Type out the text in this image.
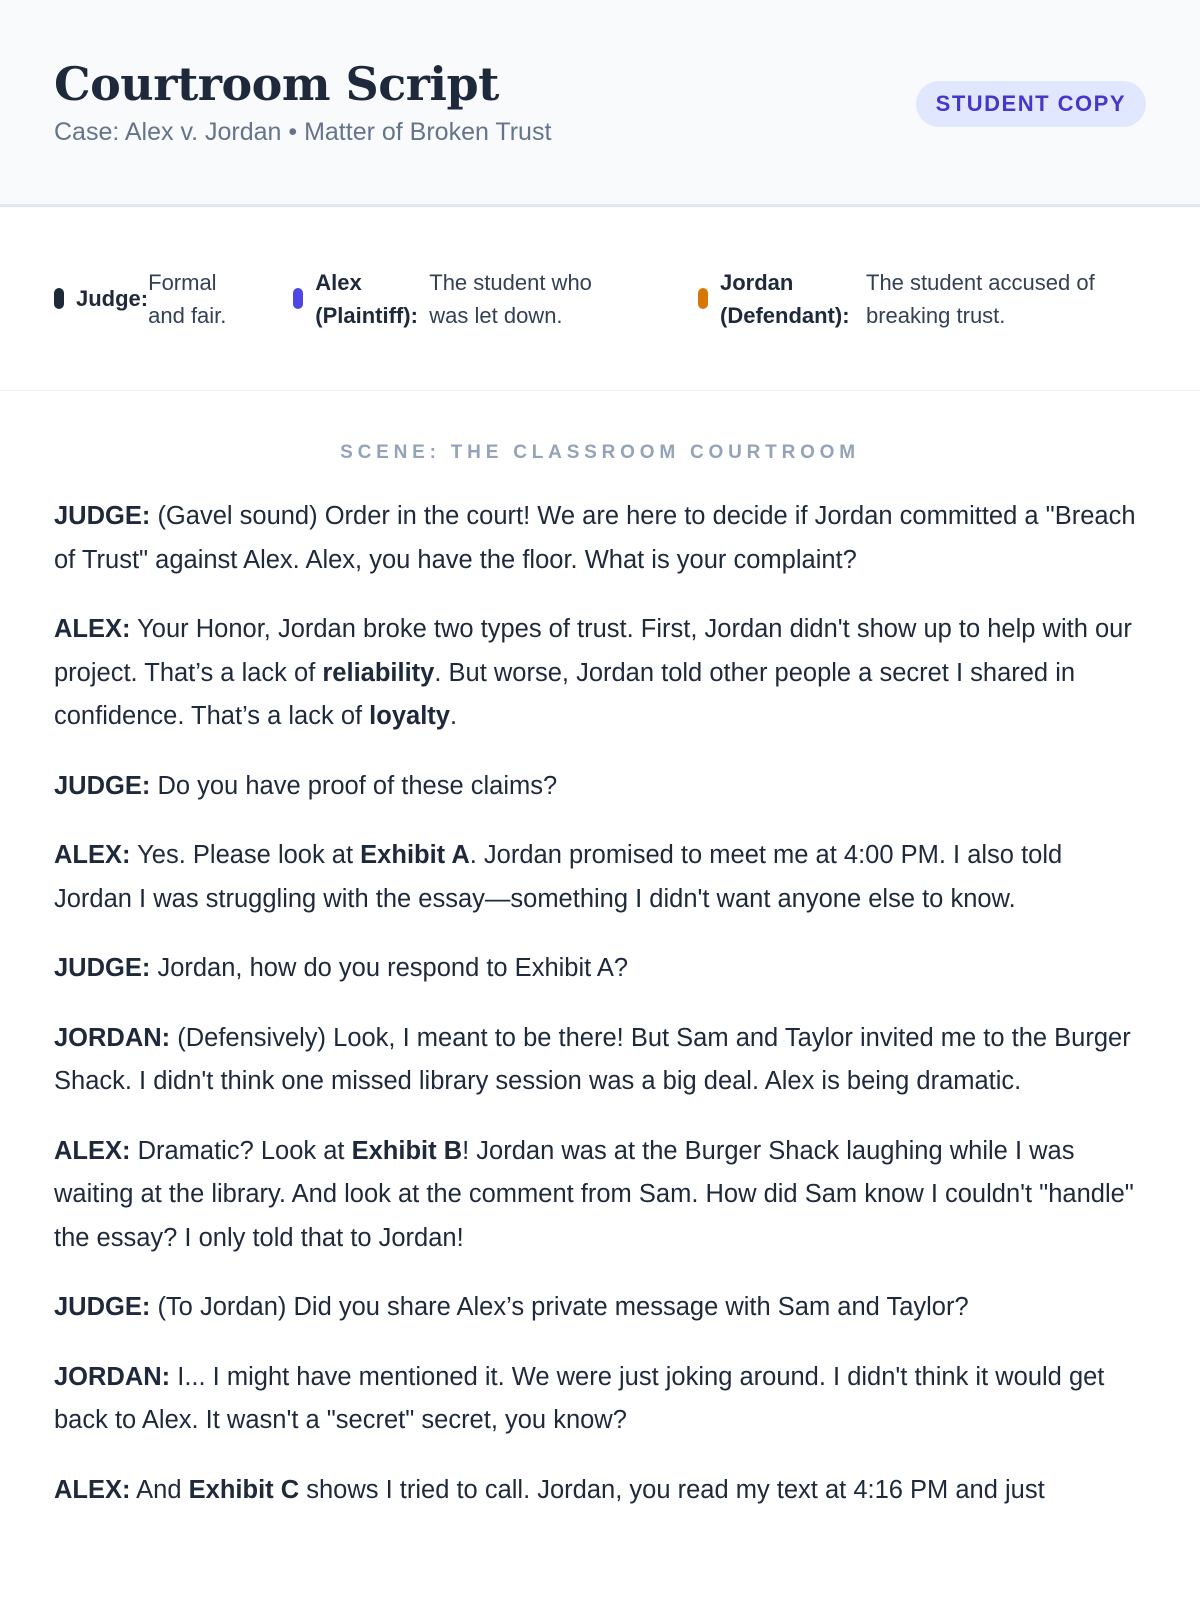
Courtroom Script
Case: Alex v. Jordan • Matter of Broken Trust
STUDENT COPY
Judge:
Formal and fair.
Alex (Plaintiff):
The student who was let down.
Jordan (Defendant):
The student accused of breaking trust.
SCENE: THE CLASSROOM COURTROOM

JUDGE: (Gavel sound) Order in the court! We are here to decide if Jordan committed a "Breach of Trust" against Alex. Alex, you have the floor. What is your complaint?

ALEX: Your Honor, Jordan broke two types of trust. First, Jordan didn't show up to help with our project. That’s a lack of reliability. But worse, Jordan told other people a secret I shared in confidence. That’s a lack of loyalty.

JUDGE: Do you have proof of these claims?

ALEX: Yes. Please look at Exhibit A. Jordan promised to meet me at 4:00 PM. I also told Jordan I was struggling with the essay—something I didn't want anyone else to know.

JUDGE: Jordan, how do you respond to Exhibit A?

JORDAN: (Defensively) Look, I meant to be there! But Sam and Taylor invited me to the Burger Shack. I didn't think one missed library session was a big deal. Alex is being dramatic.

ALEX: Dramatic? Look at Exhibit B! Jordan was at the Burger Shack laughing while I was waiting at the library. And look at the comment from Sam. How did Sam know I couldn't "handle" the essay? I only told that to Jordan!

JUDGE: (To Jordan) Did you share Alex’s private message with Sam and Taylor?

JORDAN: I... I might have mentioned it. We were just joking around. I didn't think it would get back to Alex. It wasn't a "secret" secret, you know?

ALEX: And Exhibit C shows I tried to call. Jordan, you read my text at 4:16 PM and just
